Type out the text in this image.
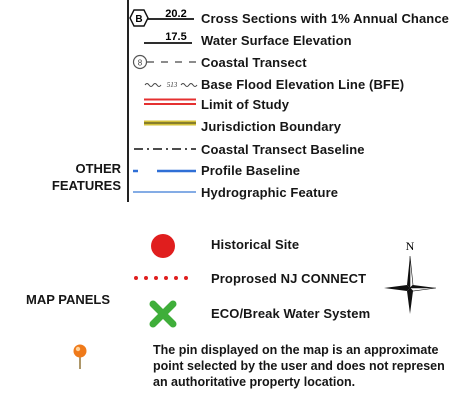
B 20.2 Cross Sections with 1% Annual Chance
17.5 Water Surface Elevation
8	Coastal Transect
513 Base Flood Elevation Line (BFE)
Limit of Study
Jurisdiction Boundary
Coastal Transect Baseline
Profile Baseline
Hydrographic Feature
OTHER
FEATURES
MAP PANELS
Historical Site
Proprosed NJ CONNECT
ECO/Break Water System
N
The pin displayed on the map is an approximate
point selected by the user and does not represen
an authoritative property location.
